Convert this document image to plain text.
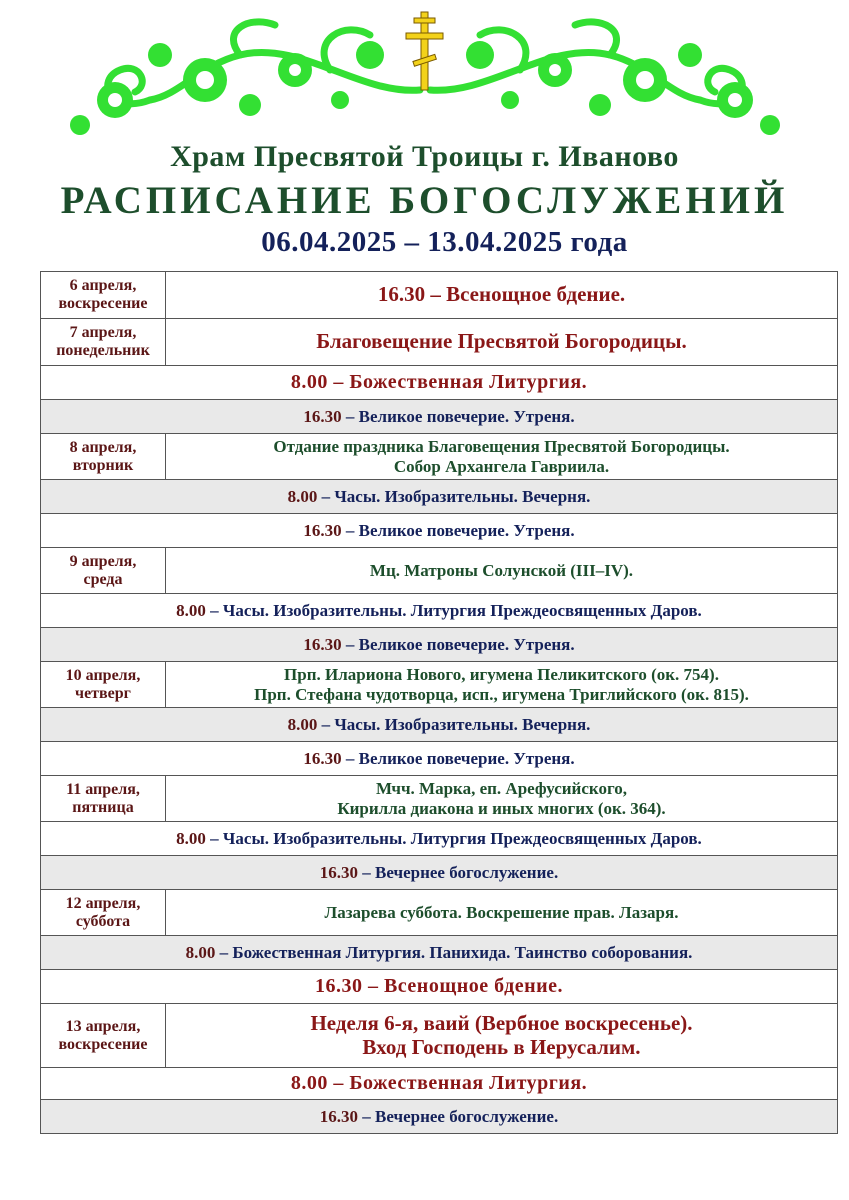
Храм Пресвятой Троицы г. Иваново
РАСПИСАНИЕ БОГОСЛУЖЕНИЙ
06.04.2025 – 13.04.2025 года
6 апреля,
воскресение	16.30 – Всенощное бдение.
7 апреля,
понедельник	Благовещение Пресвятой Богородицы.
8.00 – Божественная Литургия.	
16.30 – Великое повечерие. Утреня.	
8 апреля,
вторник	Отдание праздника Благовещения Пресвятой Богородицы.
Собор Архангела Гавриила.
8.00 – Часы. Изобразительны. Вечерня.	
16.30 – Великое повечерие. Утреня.	
9 апреля,
среда	Мц. Матроны Солунской (III–IV).
8.00 – Часы. Изобразительны. Литургия Преждеосвященных Даров.	
16.30 – Великое повечерие. Утреня.	
10 апреля,
четверг	Прп. Илариона Нового, игумена Пеликитского (ок. 754).
Прп. Стефана чудотворца, исп., игумена Триглийского (ок. 815).
8.00 – Часы. Изобразительны. Вечерня.	
16.30 – Великое повечерие. Утреня.	
11 апреля,
пятница	Мчч. Марка, еп. Арефусийского,
Кирилла диакона и иных многих (ок. 364).
8.00 – Часы. Изобразительны. Литургия Преждеосвященных Даров.	
16.30 – Вечернее богослужение.	
12 апреля,
суббота	Лазарева суббота. Воскрешение прав. Лазаря.
8.00 – Божественная Литургия. Панихида. Таинство соборования.	
16.30 – Всенощное бдение.	
13 апреля,
воскресение	Неделя 6-я, ваий (Вербное воскресенье).
Вход Господень в Иерусалим.
8.00 – Божественная Литургия.	
16.30 – Вечернее богослужение.	
